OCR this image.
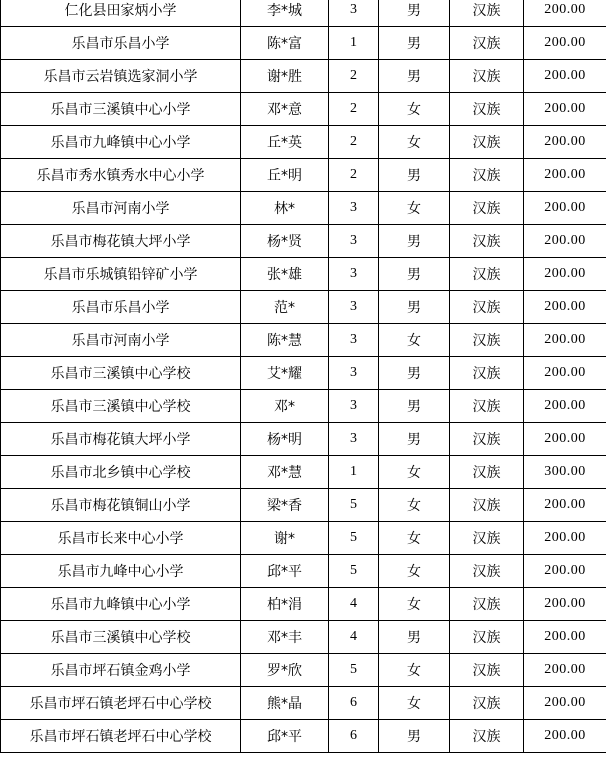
仁化县田家炳小学	李*城	3	男	汉族	200.00
乐昌市乐昌小学	陈*富	1	男	汉族	200.00
乐昌市云岩镇选家洞小学	谢*胜	2	男	汉族	200.00
乐昌市三溪镇中心小学	邓*意	2	女	汉族	200.00
乐昌市九峰镇中心小学	丘*英	2	女	汉族	200.00
乐昌市秀水镇秀水中心小学	丘*明	2	男	汉族	200.00
乐昌市河南小学	林*	3	女	汉族	200.00
乐昌市梅花镇大坪小学	杨*贤	3	男	汉族	200.00
乐昌市乐城镇铅锌矿小学	张*雄	3	男	汉族	200.00
乐昌市乐昌小学	范*	3	男	汉族	200.00
乐昌市河南小学	陈*慧	3	女	汉族	200.00
乐昌市三溪镇中心学校	艾*耀	3	男	汉族	200.00
乐昌市三溪镇中心学校	邓*	3	男	汉族	200.00
乐昌市梅花镇大坪小学	杨*明	3	男	汉族	200.00
乐昌市北乡镇中心学校	邓*慧	1	女	汉族	300.00
乐昌市梅花镇铜山小学	梁*香	5	女	汉族	200.00
乐昌市长来中心小学	谢*	5	女	汉族	200.00
乐昌市九峰中心小学	邱*平	5	女	汉族	200.00
乐昌市九峰镇中心小学	柏*涓	4	女	汉族	200.00
乐昌市三溪镇中心学校	邓*丰	4	男	汉族	200.00
乐昌市坪石镇金鸡小学	罗*欣	5	女	汉族	200.00
乐昌市坪石镇老坪石中心学校	熊*晶	6	女	汉族	200.00
乐昌市坪石镇老坪石中心学校	邱*平	6	男	汉族	200.00
